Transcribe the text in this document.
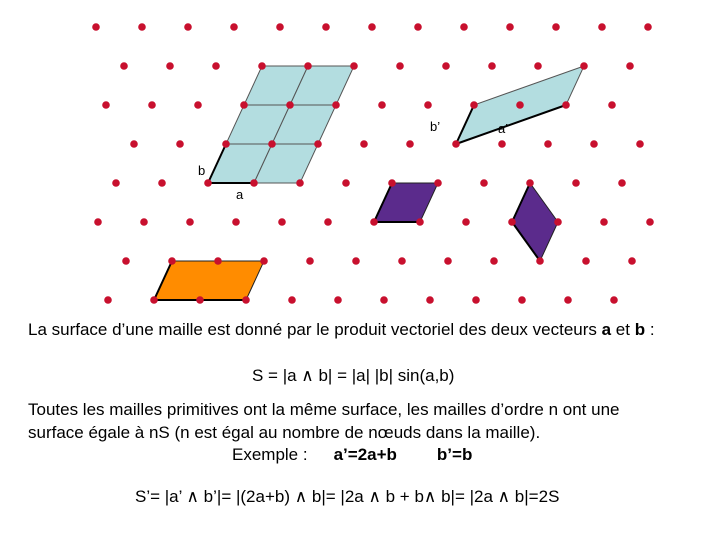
b’	a’
b
a
La surface d’une maille est donné par le produit vectoriel des deux vecteurs a et b :
S = |a ∧ b| = |a| |b| sin(a,b)
Toutes les mailles primitives ont la même surface, les mailles d’ordre n ont une
surface égale à nS (n est égal au nombre de nœuds dans la maille).
Exemple : a’=2a+b b’=b
S’= |a’ ∧ b’|= |(2a+b) ∧ b|= |2a ∧ b + b∧ b|= |2a ∧ b|=2S
